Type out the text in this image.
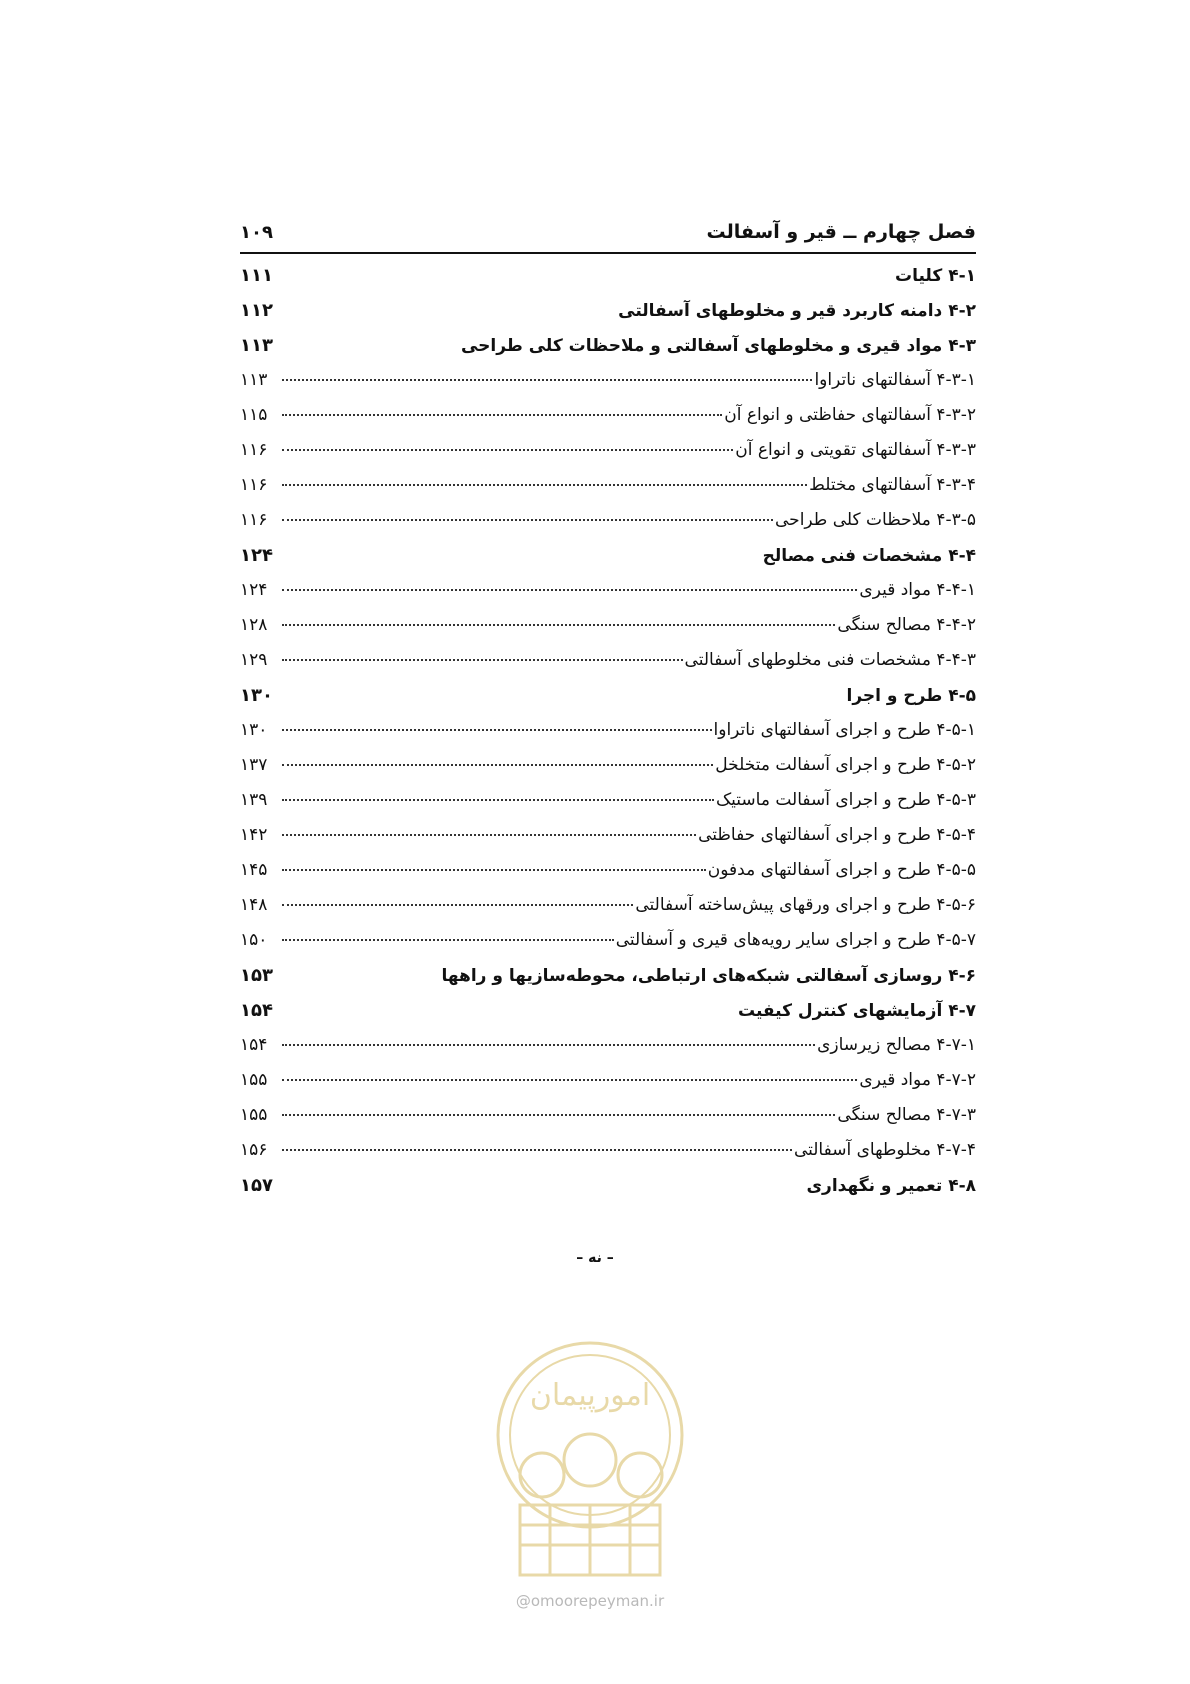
فصل چهارم ــ قیر و آسفالت
۱۰۹
۴-۱ کلیات
۱۱۱
۴-۲ دامنه کاربرد قیر و مخلوطهای آسفالتی
۱۱۲
۴-۳ مواد قیری و مخلوطهای آسفالتی و ملاحظات کلی طراحی
۱۱۳
۴-۳-۱ آسفالتهای ناتراوا
۱۱۳
۴-۳-۲ آسفالتهای حفاظتی و انواع آن
۱۱۵
۴-۳-۳ آسفالتهای تقویتی و انواع آن
۱۱۶
۴-۳-۴ آسفالتهای مختلط
۱۱۶
۴-۳-۵ ملاحظات کلی طراحی
۱۱۶
۴-۴ مشخصات فنی مصالح
۱۲۴
۴-۴-۱ مواد قیری
۱۲۴
۴-۴-۲ مصالح سنگی
۱۲۸
۴-۴-۳ مشخصات فنی مخلوطهای آسفالتی
۱۲۹
۴-۵ طرح و اجرا
۱۳۰
۴-۵-۱ طرح و اجرای آسفالتهای ناتراوا
۱۳۰
۴-۵-۲ طرح و اجرای آسفالت متخلخل
۱۳۷
۴-۵-۳ طرح و اجرای آسفالت ماستیک
۱۳۹
۴-۵-۴ طرح و اجرای آسفالتهای حفاظتی
۱۴۲
۴-۵-۵ طرح و اجرای آسفالتهای مدفون
۱۴۵
۴-۵-۶ طرح و اجرای ورقهای پیش‌ساخته آسفالتی
۱۴۸
۴-۵-۷ طرح و اجرای سایر رویه‌های قیری و آسفالتی
۱۵۰
۴-۶ روسازی آسفالتی شبکه‌های ارتباطی، محوطه‌سازیها و راهها
۱۵۳
۴-۷ آزمایشهای کنترل کیفیت
۱۵۴
۴-۷-۱ مصالح زیرسازی
۱۵۴
۴-۷-۲ مواد قیری
۱۵۵
۴-۷-۳ مصالح سنگی
۱۵۵
۴-۷-۴ مخلوطهای آسفالتی
۱۵۶
۴-۸ تعمیر و نگهداری
۱۵۷
– نه –
امورپیمان
@omoorepeyman.ir
